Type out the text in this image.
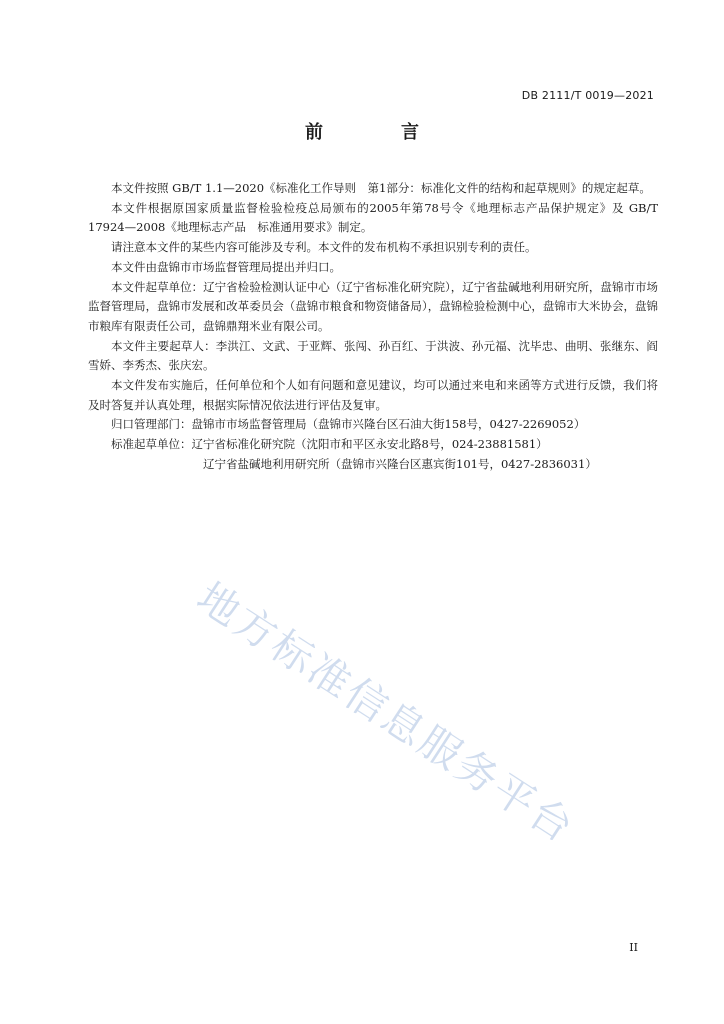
DB 2111/T 0019—2021
前　言

本文件按照 GB/T 1.1—2020《标准化工作导则　第1部分：标准化文件的结构和起草规则》的规定起草。

本文件根据原国家质量监督检验检疫总局颁布的2005年第78号令《地理标志产品保护规定》及 GB/T 17924—2008《地理标志产品　标准通用要求》制定。

请注意本文件的某些内容可能涉及专利。本文件的发布机构不承担识别专利的责任。

本文件由盘锦市市场监督管理局提出并归口。

本文件起草单位：辽宁省检验检测认证中心（辽宁省标准化研究院），辽宁省盐碱地利用研究所，盘锦市市场监督管理局，盘锦市发展和改革委员会（盘锦市粮食和物资储备局），盘锦检验检测中心，盘锦市大米协会，盘锦市粮库有限责任公司，盘锦鼎翔米业有限公司。

本文件主要起草人：李洪江、文武、于亚辉、张闯、孙百红、于洪波、孙元福、沈毕忠、曲明、张继东、阎雪娇、李秀杰、张庆宏。

本文件发布实施后，任何单位和个人如有问题和意见建议，均可以通过来电和来函等方式进行反馈，我们将及时答复并认真处理，根据实际情况依法进行评估及复审。

归口管理部门：盘锦市市场监督管理局（盘锦市兴隆台区石油大街158号，0427-2269052）

标准起草单位：辽宁省标准化研究院（沈阳市和平区永安北路8号，024-23881581）

辽宁省盐碱地利用研究所（盘锦市兴隆台区惠宾街101号，0427-2836031）

地方标准信息服务平台
II
